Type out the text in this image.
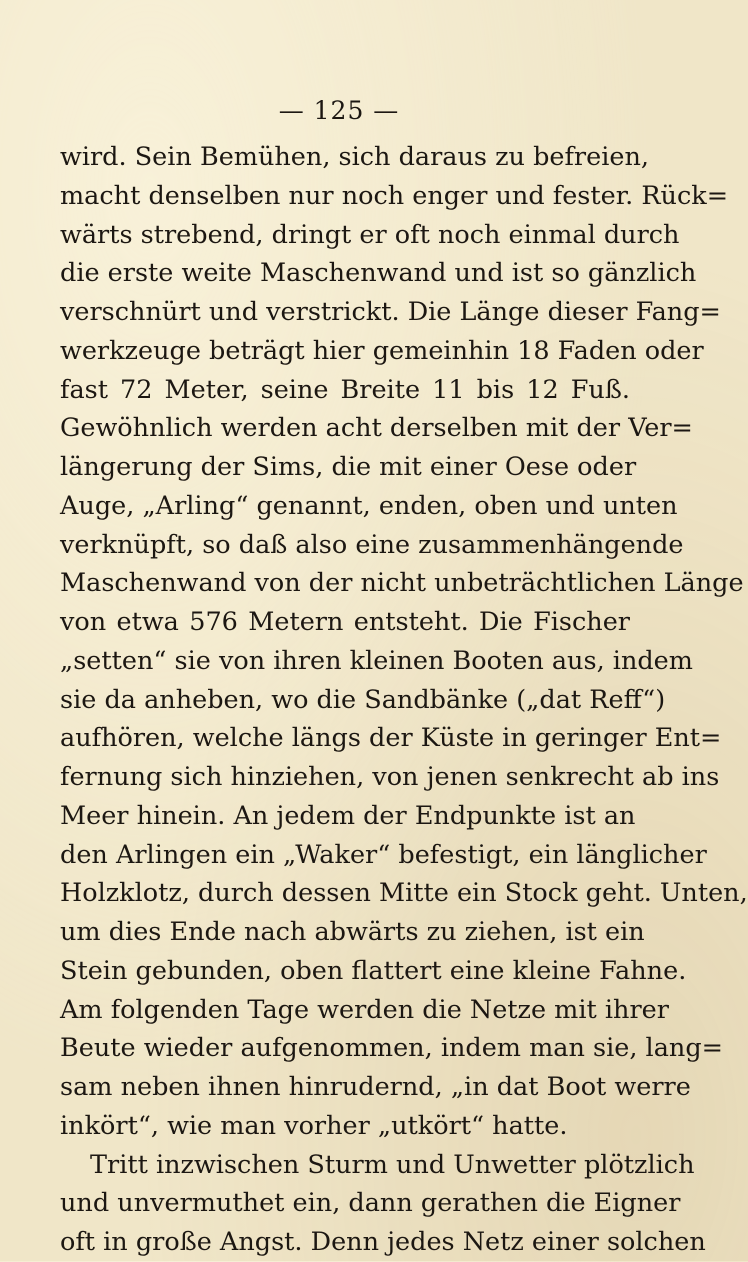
— 125 —
wird. Sein Bemühen, sich daraus zu befreien,
macht denselben nur noch enger und fester. Rück=
wärts strebend, dringt er oft noch einmal durch
die erste weite Maschenwand und ist so gänzlich
verschnürt und verstrickt. Die Länge dieser Fang=
werkzeuge beträgt hier gemeinhin 18 Faden oder
fast 72 Meter, seine Breite 11 bis 12 Fuß.
Gewöhnlich werden acht derselben mit der Ver=
längerung der Sims, die mit einer Oese oder
Auge, „Arling“ genannt, enden, oben und unten
verknüpft, so daß also eine zusammenhängende
Maschenwand von der nicht unbeträchtlichen Länge
von etwa 576 Metern entsteht. Die Fischer
„setten“ sie von ihren kleinen Booten aus, indem
sie da anheben, wo die Sandbänke („dat Reff“)
aufhören, welche längs der Küste in geringer Ent=
fernung sich hinziehen, von jenen senkrecht ab ins
Meer hinein. An jedem der Endpunkte ist an
den Arlingen ein „Waker“ befestigt, ein länglicher
Holzklotz, durch dessen Mitte ein Stock geht. Unten,
um dies Ende nach abwärts zu ziehen, ist ein
Stein gebunden, oben flattert eine kleine Fahne.
Am folgenden Tage werden die Netze mit ihrer
Beute wieder aufgenommen, indem man sie, lang=
sam neben ihnen hinrudernd, „in dat Boot werre
inkört“, wie man vorher „utkört“ hatte.
Tritt inzwischen Sturm und Unwetter plötzlich
und unvermuthet ein, dann gerathen die Eigner
oft in große Angst. Denn jedes Netz einer solchen
